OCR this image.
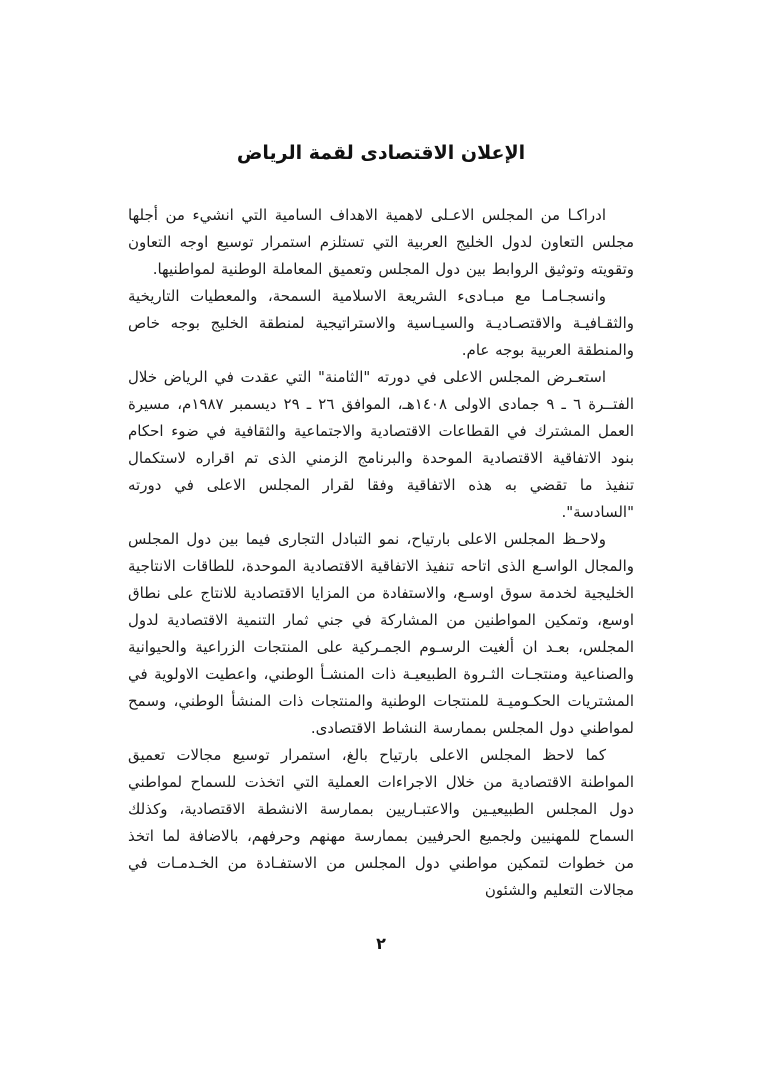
الإعلان الاقتصادى لقمة الرياض

ادراكـا من المجلس الاعـلى لاهمية الاهداف السامية التي انشيء من أجلها مجلس التعاون لدول الخليج العربية التي تستلزم استمرار توسيع اوجه التعاون وتقويته وتوثيق الروابط بين دول المجلس وتعميق المعاملة الوطنية لمواطنيها.

وانسجـامـا مع مبـادىء الشريعة الاسلامية السمحة، والمعطيات التاريخية والثقـافيـة والاقتصـاديـة والسيـاسية والاستراتيجية لمنطقة الخليج بوجه خاص والمنطقة العربية بوجه عام.

استعـرض المجلس الاعلى في دورته "الثامنة" التي عقدت في الرياض خلال الفتــرة ٦ ـ ٩ جمادى الاولى ١٤٠٨هـ، الموافق ٢٦ ـ ٢٩ ديسمبر ١٩٨٧م، مسيرة العمل المشترك في القطاعات الاقتصادية والاجتماعية والثقافية في ضوء احكام بنود الاتفاقية الاقتصادية الموحدة والبرنامج الزمني الذى تم اقراره لاستكمال تنفيذ ما تقضي به هذه الاتفاقية وفقا لقرار المجلس الاعلى في دورته "السادسة".

ولاحـظ المجلس الاعلى بارتياح، نمو التبادل التجارى فيما بين دول المجلس والمجال الواسـع الذى اتاحه تنفيذ الاتفاقية الاقتصادية الموحدة، للطاقات الانتاجية الخليجية لخدمة سوق اوسـع، والاستفادة من المزايا الاقتصادية للانتاج على نطاق اوسع، وتمكين المواطنين من المشاركة في جني ثمار التنمية الاقتصادية لدول المجلس، بعـد ان ألغيت الرسـوم الجمـركية على المنتجات الزراعية والحيوانية والصناعية ومنتجـات الثـروة الطبيعيـة ذات المنشـأ الوطني، واعطيت الاولوية في المشتريات الحكـوميـة للمنتجات الوطنية والمنتجات ذات المنشأ الوطني، وسمح لمواطني دول المجلس بممارسة النشاط الاقتصادى.

كما لاحظ المجلس الاعلى بارتياح بالغ، استمرار توسيع مجالات تعميق المواطنة الاقتصادية من خلال الاجراءات العملية التي اتخذت للسماح لمواطني دول المجلس الطبيعيـين والاعتبـاريين بممارسة الانشطة الاقتصادية، وكذلك السماح للمهنيين ولجميع الحرفيين بممارسة مهنهم وحرفهم، بالاضافة لما اتخذ من خطوات لتمكين مواطني دول المجلس من الاستفـادة من الخـدمـات في مجالات التعليم والشئون

٢
